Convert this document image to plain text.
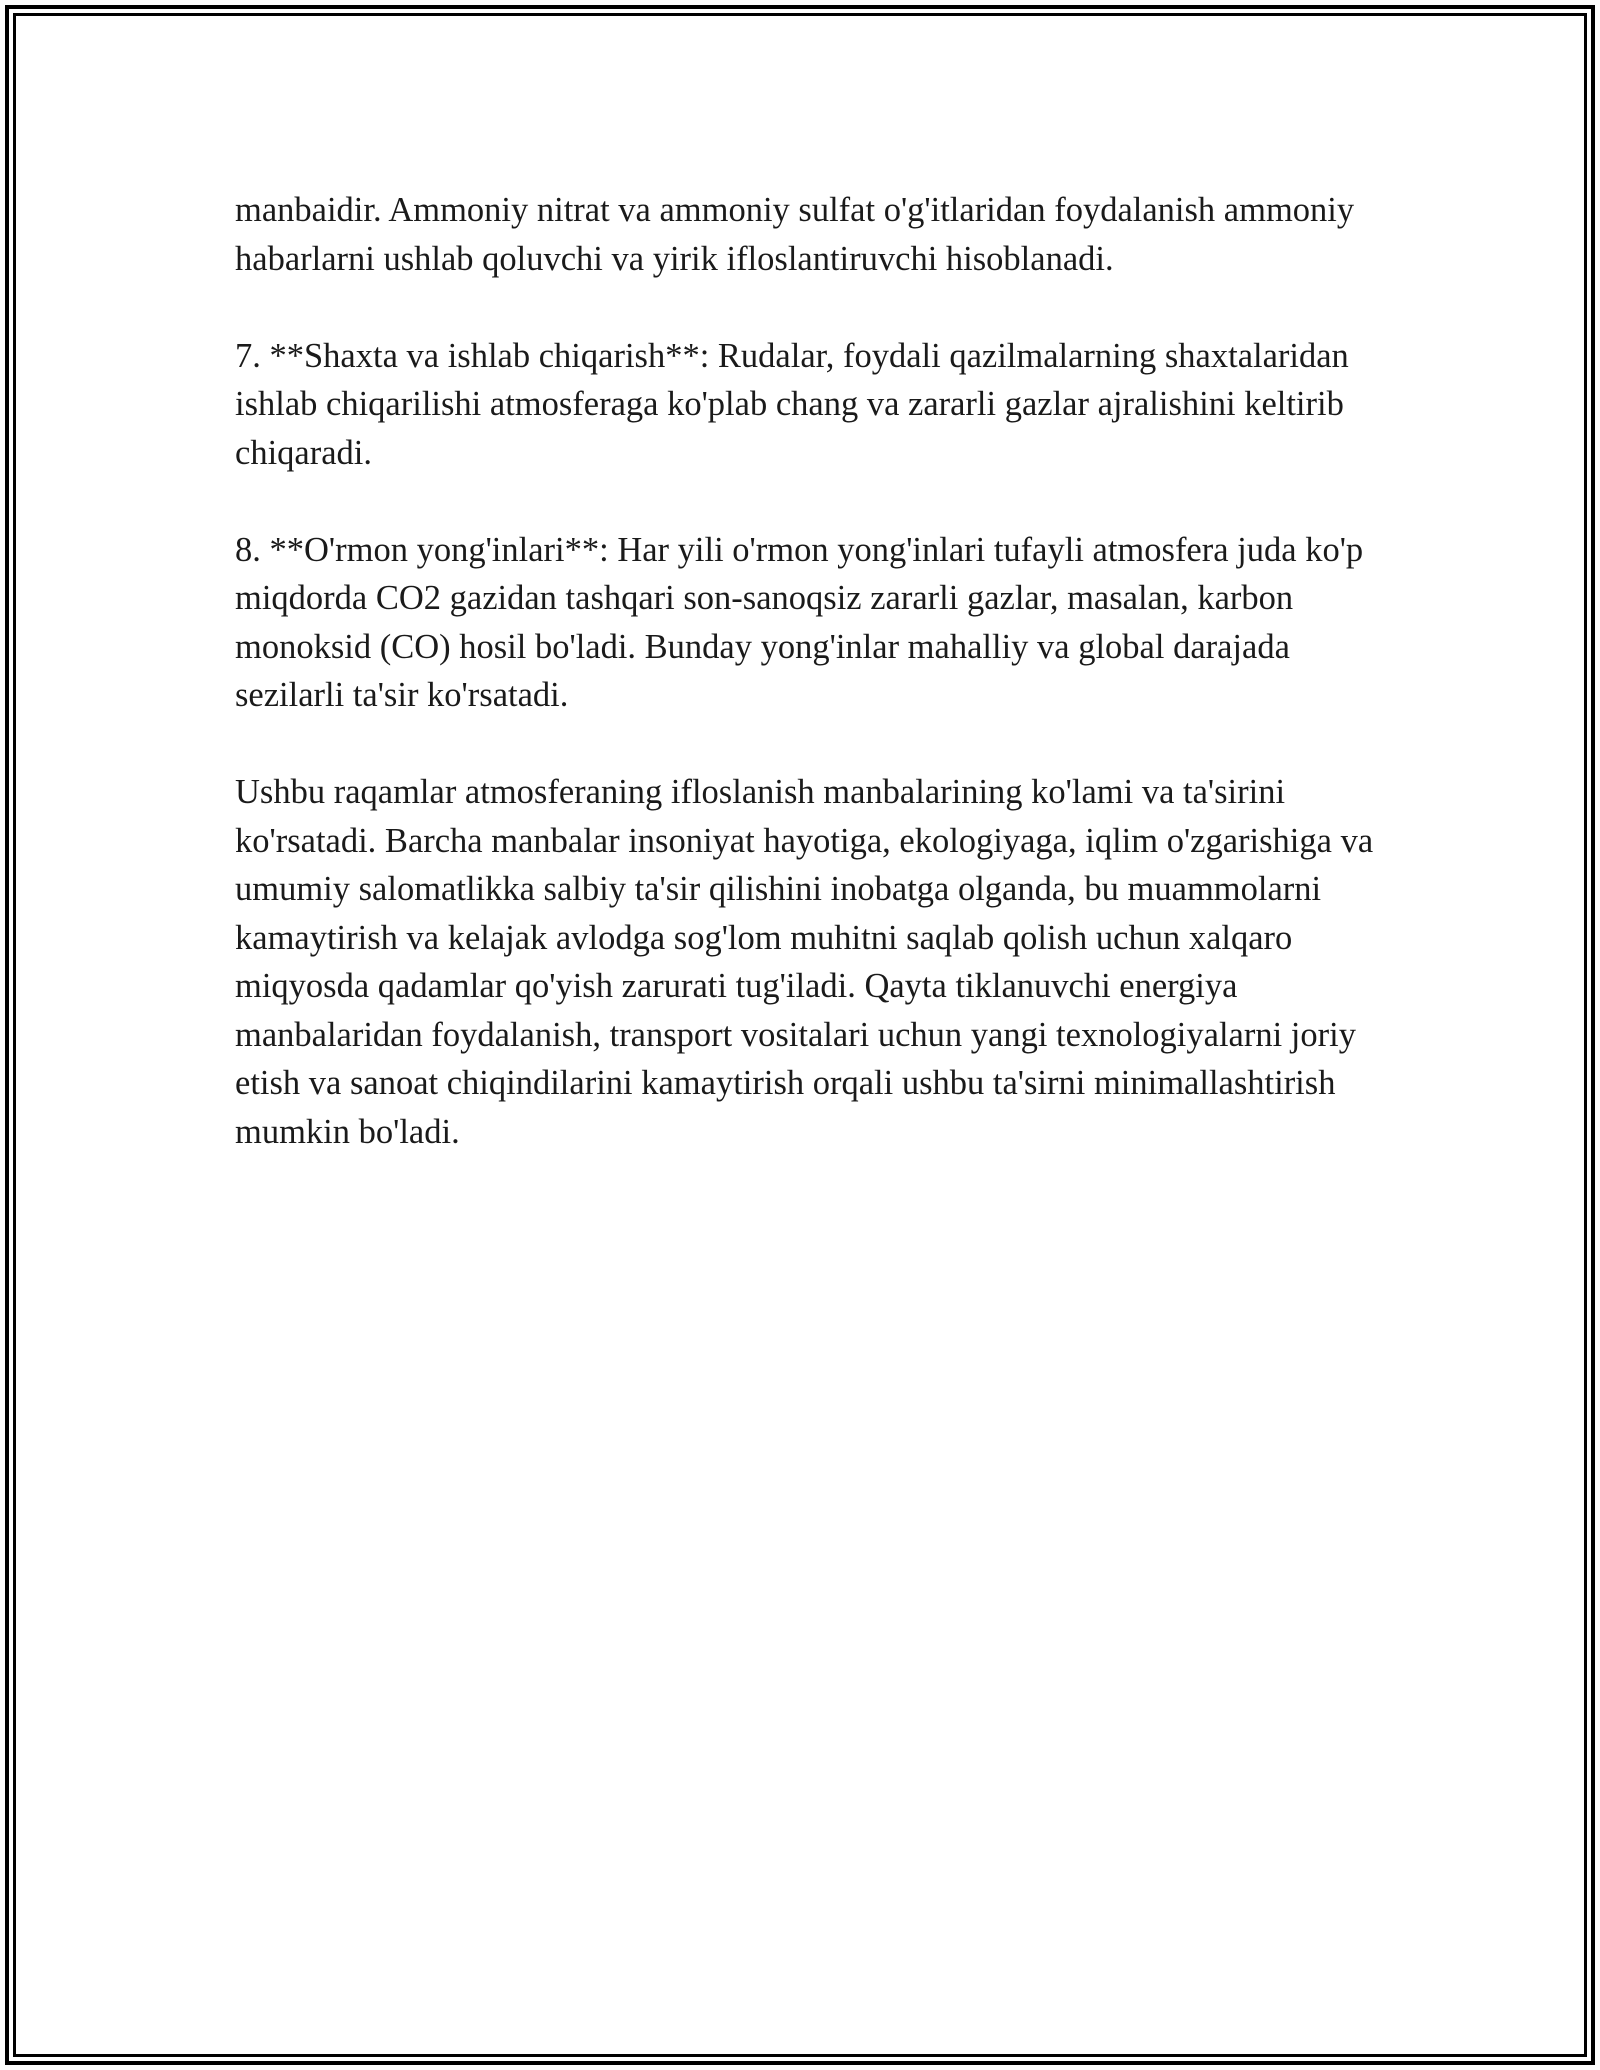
manbaidir. Ammoniy nitrat va ammoniy sulfat o'g'itlaridan foydalanish ammoniy habarlarni ushlab qoluvchi va yirik ifloslantiruvchi hisoblanadi.

7. **Shaxta va ishlab chiqarish**: Rudalar, foydali qazilmalarning shaxtalaridan ishlab chiqarilishi atmosferaga ko'plab chang va zararli gazlar ajralishini keltirib chiqaradi.

8. **O'rmon yong'inlari**: Har yili o'rmon yong'inlari tufayli atmosfera juda ko'p miqdorda CO2 gazidan tashqari son-sanoqsiz zararli gazlar, masalan, karbon monoksid (CO) hosil bo'ladi. Bunday yong'inlar mahalliy va global darajada sezilarli ta'sir ko'rsatadi.

Ushbu raqamlar atmosferaning ifloslanish manbalarining ko'lami va ta'sirini ko'rsatadi. Barcha manbalar insoniyat hayotiga, ekologiyaga, iqlim o'zgarishiga va umumiy salomatlikka salbiy ta'sir qilishini inobatga olganda, bu muammolarni kamaytirish va kelajak avlodga sog'lom muhitni saqlab qolish uchun xalqaro miqyosda qadamlar qo'yish zarurati tug'iladi. Qayta tiklanuvchi energiya manbalaridan foydalanish, transport vositalari uchun yangi texnologiyalarni joriy etish va sanoat chiqindilarini kamaytirish orqali ushbu ta'sirni minimallashtirish mumkin bo'ladi.
